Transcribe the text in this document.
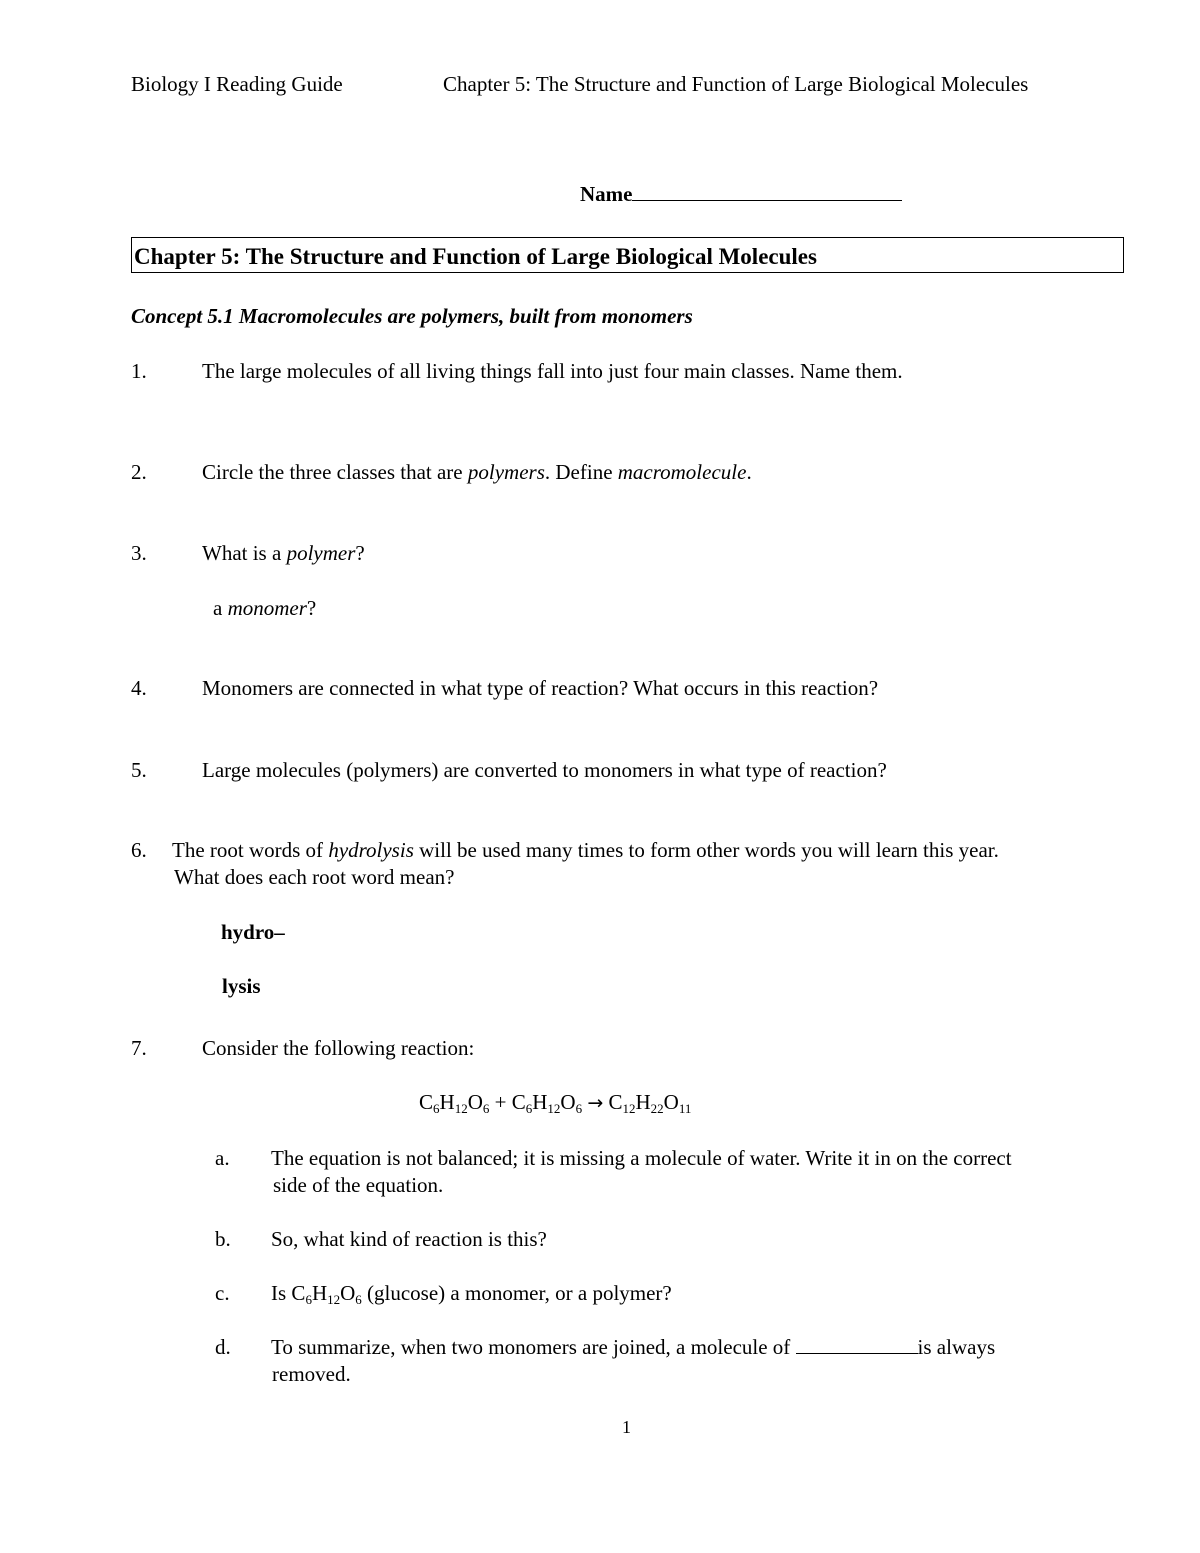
Biology I Reading Guide	Chapter 5: The Structure and Function of Large Biological Molecules
Name
Chapter 5: The Structure and Function of Large Biological Molecules
Concept 5.1 Macromolecules are polymers, built from monomers
1.	The large molecules of all living things fall into just four main classes. Name them.
2.	Circle the three classes that are polymers. Define macromolecule.
3.	What is a polymer?
a monomer?
4.	Monomers are connected in what type of reaction? What occurs in this reaction?
5.	Large molecules (polymers) are converted to monomers in what type of reaction?
6. The root words of hydrolysis will be used many times to form other words you will learn this year.
What does each root word mean?
hydro–
lysis
7.	Consider the following reaction:
$C_6H_{12}O_6 + C_6H_{12}O_6 \to C_{12}H_{22}O_{11}$
a. The equation is not balanced; it is missing a molecule of water. Write it in on the correct
side of the equation.
b. So, what kind of reaction is this?
c. Is $C_6H_{12}O_6$ (glucose) a monomer, or a polymer?
d. To summarize, when two monomers are joined, a molecule of	is always
removed.
1
